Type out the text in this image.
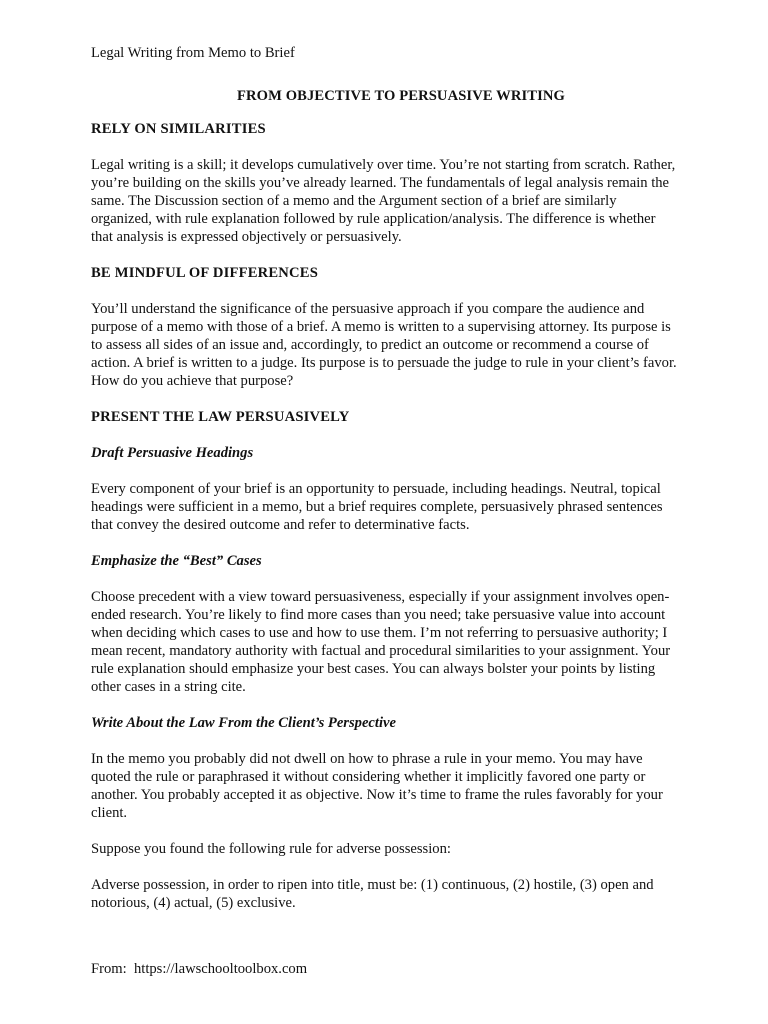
Legal Writing from Memo to Brief
FROM OBJECTIVE TO PERSUASIVE WRITING
RELY ON SIMILARITIES

Legal writing is a skill; it develops cumulatively over time. You’re not starting from scratch. Rather, you’re building on the skills you’ve already learned. The fundamentals of legal analysis remain the same. The Discussion section of a memo and the Argument section of a brief are similarly organized, with rule explanation followed by rule application/analysis. The difference is whether that analysis is expressed objectively or persuasively.

BE MINDFUL OF DIFFERENCES

You’ll understand the significance of the persuasive approach if you compare the audience and purpose of a memo with those of a brief. A memo is written to a supervising attorney. Its purpose is to assess all sides of an issue and, accordingly, to predict an outcome or recommend a course of action. A brief is written to a judge. Its purpose is to persuade the judge to rule in your client’s favor. How do you achieve that purpose?

PRESENT THE LAW PERSUASIVELY
Draft Persuasive Headings

Every component of your brief is an opportunity to persuade, including headings. Neutral, topical headings were sufficient in a memo, but a brief requires complete, persuasively phrased sentences that convey the desired outcome and refer to determinative facts.

Emphasize the “Best” Cases

Choose precedent with a view toward persuasiveness, especially if your assignment involves open-ended research. You’re likely to find more cases than you need; take persuasive value into account when deciding which cases to use and how to use them. I’m not referring to persuasive authority; I mean recent, mandatory authority with factual and procedural similarities to your assignment. Your rule explanation should emphasize your best cases. You can always bolster your points by listing other cases in a string cite.

Write About the Law From the Client’s Perspective

In the memo you probably did not dwell on how to phrase a rule in your memo. You may have quoted the rule or paraphrased it without considering whether it implicitly favored one party or another. You probably accepted it as objective. Now it’s time to frame the rules favorably for your client.

Suppose you found the following rule for adverse possession:

Adverse possession, in order to ripen into title, must be: (1) continuous, (2) hostile, (3) open and notorious, (4) actual, (5) exclusive.

From: https://lawschooltoolbox.com
